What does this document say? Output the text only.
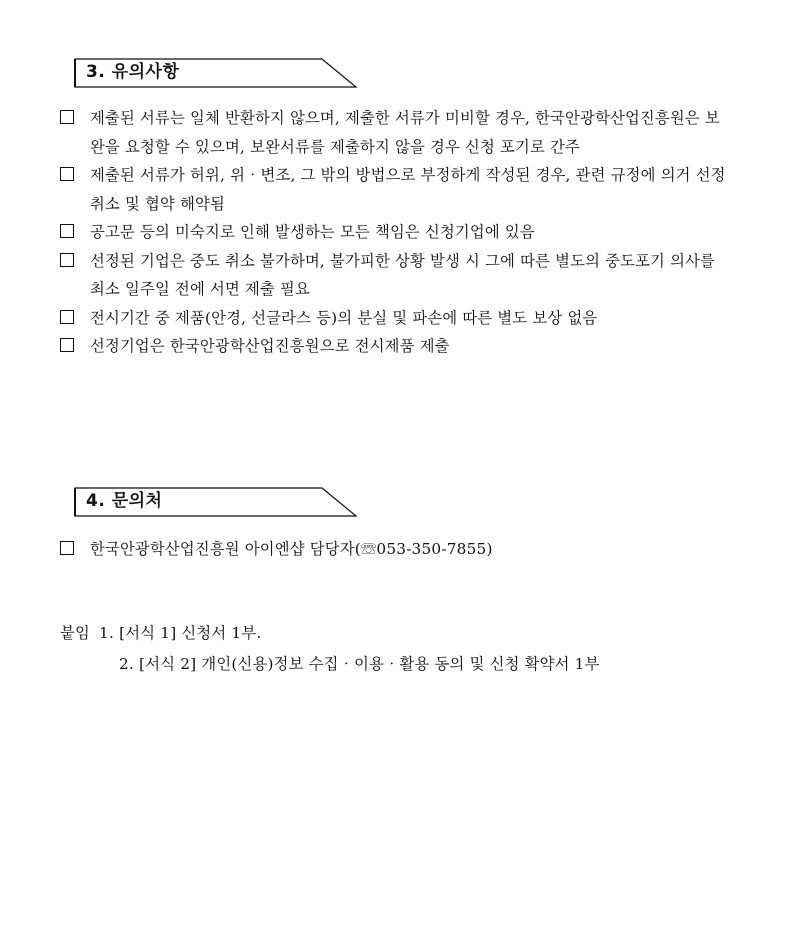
3. 유의사항
제출된 서류는 일체 반환하지 않으며, 제출한 서류가 미비할 경우, 한국안광학산업진흥원은 보완을 요청할 수 있으며, 보완서류를 제출하지 않을 경우 신청 포기로 간주
제출된 서류가 허위, 위‧변조, 그 밖의 방법으로 부정하게 작성된 경우, 관련 규정에 의거 선정 취소 및 협약 해약됨
공고문 등의 미숙지로 인해 발생하는 모든 책임은 신청기업에 있음
선정된 기업은 중도 취소 불가하며, 불가피한 상황 발생 시 그에 따른 별도의 중도포기 의사를 최소 일주일 전에 서면 제출 필요
전시기간 중 제품(안경, 선글라스 등)의 분실 및 파손에 따른 별도 보상 없음
선정기업은 한국안광학산업진흥원으로 전시제품 제출
4. 문의처
한국안광학산업진흥원 아이엔샵 담당자(☏053-350-7855)
붙임 1. [서식 1] 신청서 1부.
2. [서식 2] 개인(신용)정보 수집‧이용‧활용 동의 및 신청 확약서 1부
